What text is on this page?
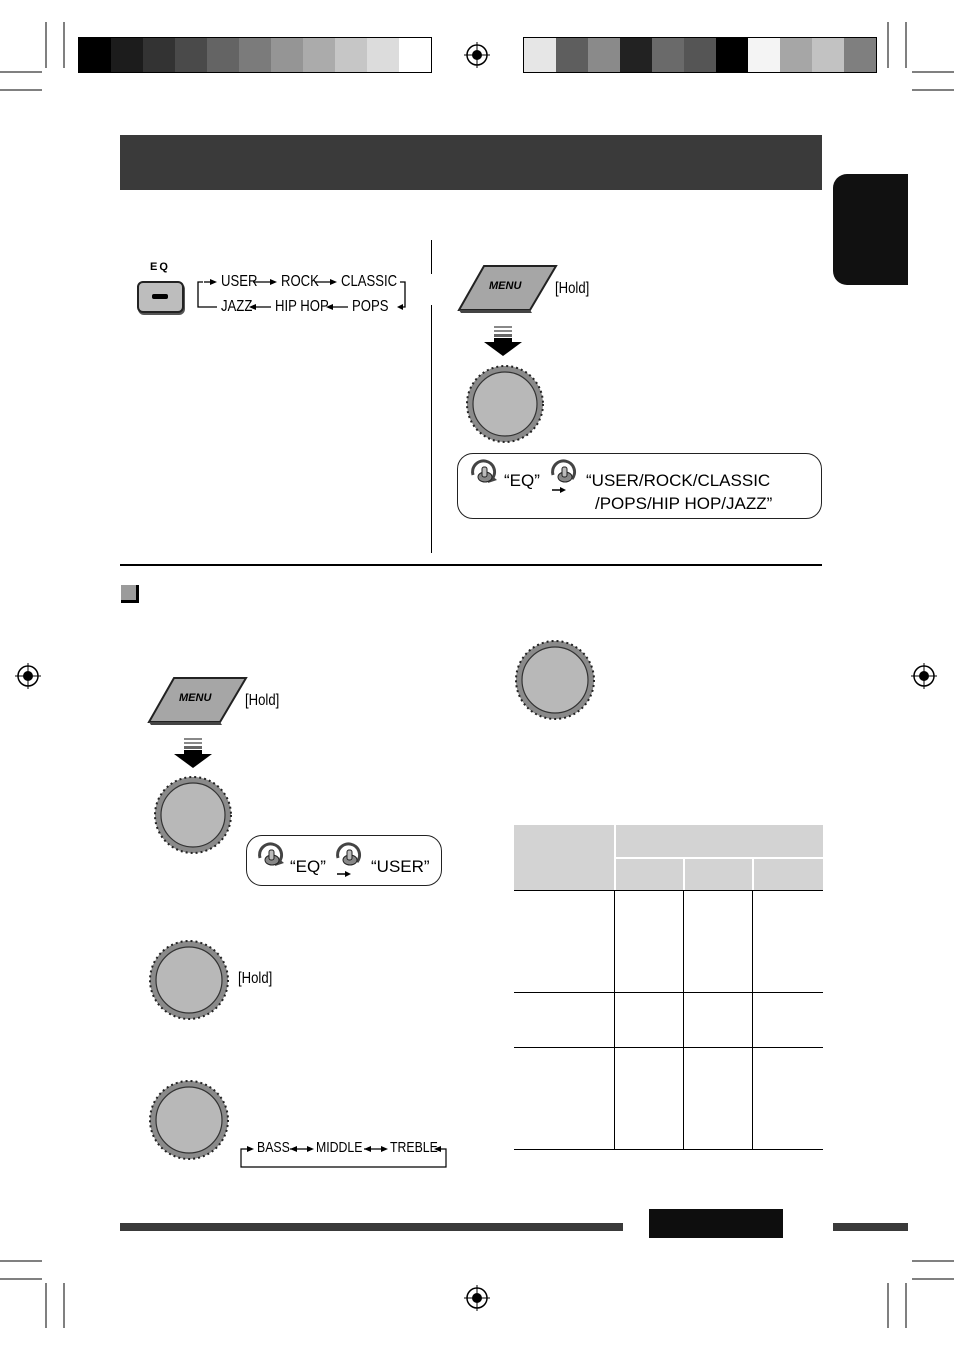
EQ
USER ROCK CLASSIC
JAZZ HIP HOP POPS
MENU [Hold]
“EQ”	“USER/ROCK/CLASSIC
/POPS/HIP HOP/JAZZ”
MENU [Hold]
“EQ”	“USER”
[Hold]
BASS MIDDLE TREBLE
